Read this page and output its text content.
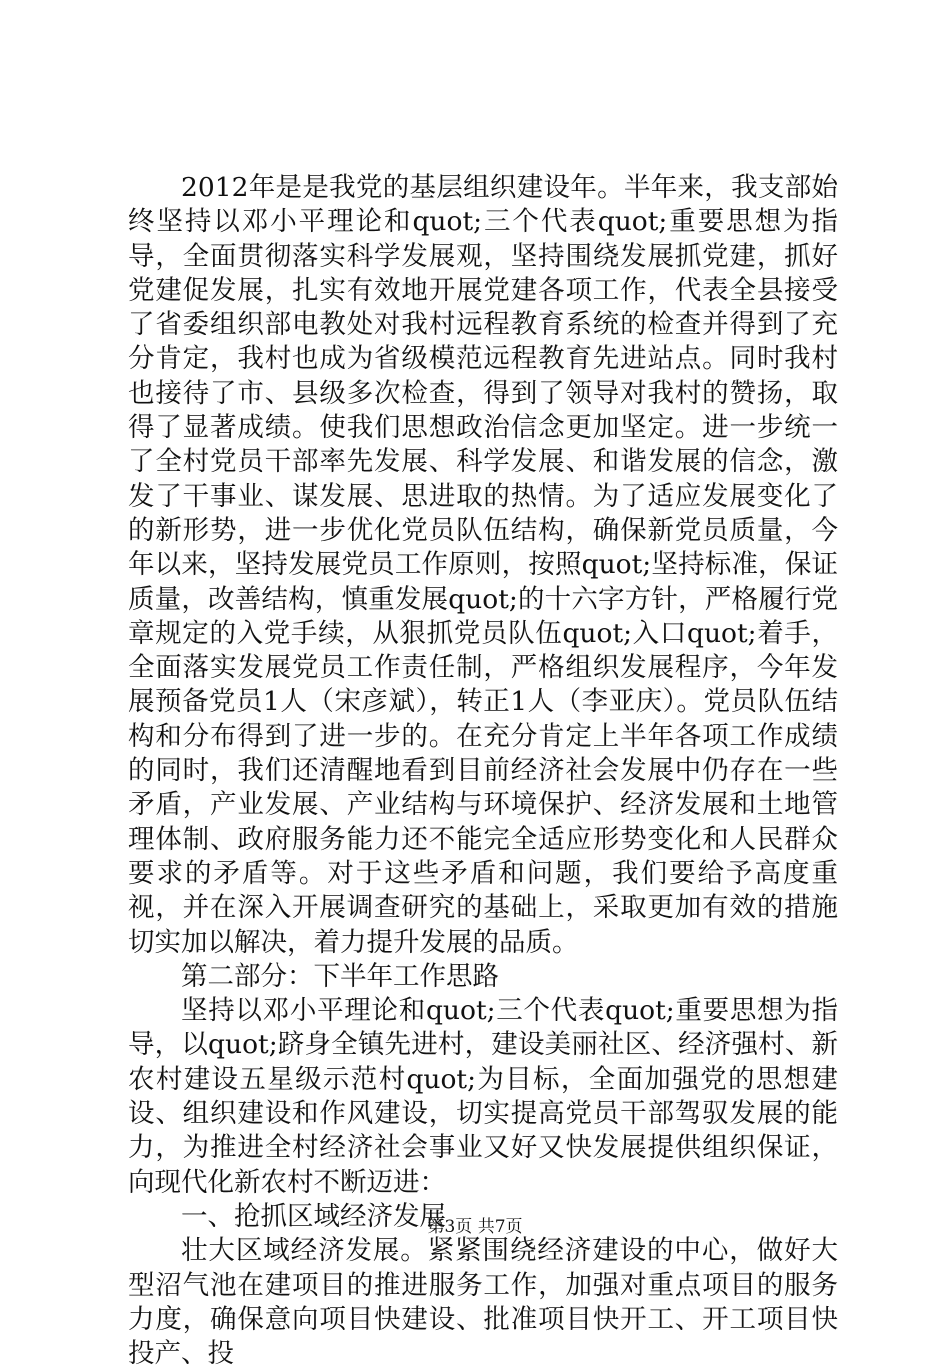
2012年是是我党的基层组织建设年。半年来，我支部始终坚持以邓小平理论和quot;三个代表quot;重要思想为指导，全面贯彻落实科学发展观，坚持围绕发展抓党建，抓好党建促发展，扎实有效地开展党建各项工作，代表全县接受了省委组织部电教处对我村远程教育系统的检查并得到了充分肯定，我村也成为省级模范远程教育先进站点。同时我村也接待了市、县级多次检查，得到了领导对我村的赞扬，取得了显著成绩。使我们思想政治信念更加坚定。进一步统一了全村党员干部率先发展、科学发展、和谐发展的信念，激发了干事业、谋发展、思进取的热情。为了适应发展变化了的新形势，进一步优化党员队伍结构，确保新党员质量，今年以来，坚持发展党员工作原则，按照quot;坚持标准，保证质量，改善结构，慎重发展quot;的十六字方针，严格履行党章规定的入党手续，从狠抓党员队伍quot;入口quot;着手，全面落实发展党员工作责任制，严格组织发展程序，今年发展预备党员1人（宋彦斌），转正1人（李亚庆）。党员队伍结构和分布得到了进一步的。在充分肯定上半年各项工作成绩的同时，我们还清醒地看到目前经济社会发展中仍存在一些矛盾，产业发展、产业结构与环境保护、经济发展和土地管理体制、政府服务能力还不能完全适应形势变化和人民群众要求的矛盾等。对于这些矛盾和问题，我们要给予高度重视，并在深入开展调查研究的基础上，采取更加有效的措施切实加以解决，着力提升发展的品质。

第二部分：下半年工作思路

坚持以邓小平理论和quot;三个代表quot;重要思想为指导，以quot;跻身全镇先进村，建设美丽社区、经济强村、新农村建设五星级示范村quot;为目标，全面加强党的思想建设、组织建设和作风建设，切实提高党员干部驾驭发展的能力，为推进全村经济社会事业又好又快发展提供组织保证，向现代化新农村不断迈进：

一、抢抓区域经济发展

壮大区域经济发展。紧紧围绕经济建设的中心，做好大型沼气池在建项目的推进服务工作，加强对重点项目的服务力度，确保意向项目快建设、批准项目快开工、开工项目快投产、投

第3页 共7页
